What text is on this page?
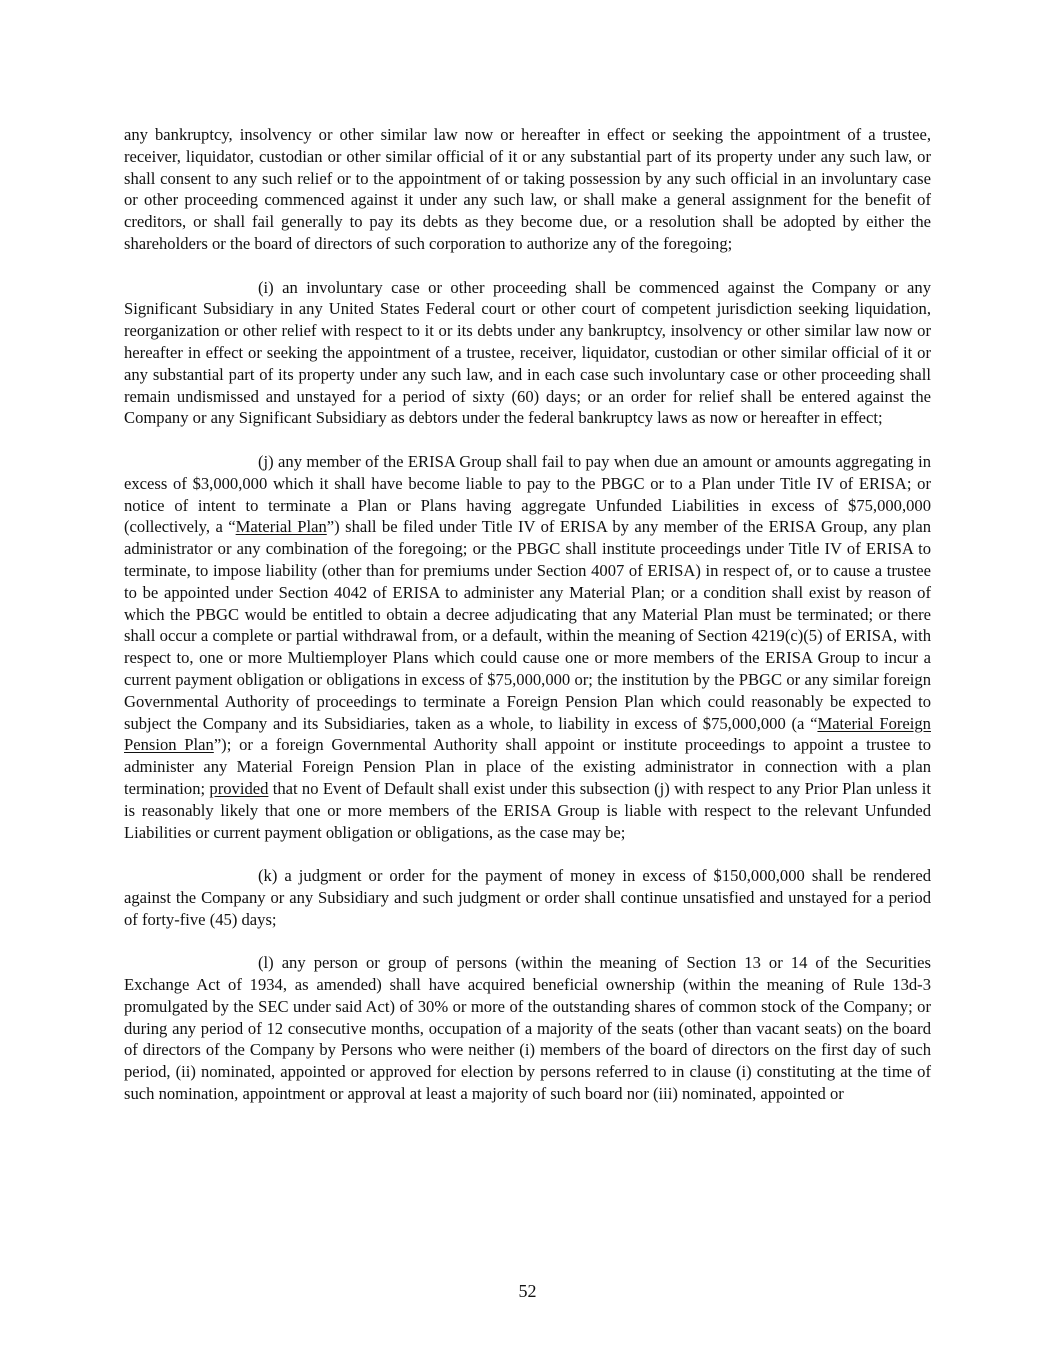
any bankruptcy, insolvency or other similar law now or hereafter in effect or seeking the appointment of a trustee, receiver, liquidator, custodian or other similar official of it or any substantial part of its property under any such law, or shall consent to any such relief or to the appointment of or taking possession by any such official in an involuntary case or other proceeding commenced against it under any such law, or shall make a general assignment for the benefit of creditors, or shall fail generally to pay its debts as they become due, or a resolution shall be adopted by either the shareholders or the board of directors of such corporation to authorize any of the foregoing;

(i) an involuntary case or other proceeding shall be commenced against the Company or any Significant Subsidiary in any United States Federal court or other court of competent jurisdiction seeking liquidation, reorganization or other relief with respect to it or its debts under any bankruptcy, insolvency or other similar law now or hereafter in effect or seeking the appointment of a trustee, receiver, liquidator, custodian or other similar official of it or any substantial part of its property under any such law, and in each case such involuntary case or other proceeding shall remain undismissed and unstayed for a period of sixty (60) days; or an order for relief shall be entered against the Company or any Significant Subsidiary as debtors under the federal bankruptcy laws as now or hereafter in effect;

(j) any member of the ERISA Group shall fail to pay when due an amount or amounts aggregating in excess of $3,000,000 which it shall have become liable to pay to the PBGC or to a Plan under Title IV of ERISA; or notice of intent to terminate a Plan or Plans having aggregate Unfunded Liabilities in excess of $75,000,000 (collectively, a “Material Plan”) shall be filed under Title IV of ERISA by any member of the ERISA Group, any plan administrator or any combination of the foregoing; or the PBGC shall institute proceedings under Title IV of ERISA to terminate, to impose liability (other than for premiums under Section 4007 of ERISA) in respect of, or to cause a trustee to be appointed under Section 4042 of ERISA to administer any Material Plan; or a condition shall exist by reason of which the PBGC would be entitled to obtain a decree adjudicating that any Material Plan must be terminated; or there shall occur a complete or partial withdrawal from, or a default, within the meaning of Section 4219(c)(5) of ERISA, with respect to, one or more Multiemployer Plans which could cause one or more members of the ERISA Group to incur a current payment obligation or obligations in excess of $75,000,000 or; the institution by the PBGC or any similar foreign Governmental Authority of proceedings to terminate a Foreign Pension Plan which could reasonably be expected to subject the Company and its Subsidiaries, taken as a whole, to liability in excess of $75,000,000 (a “Material Foreign Pension Plan”); or a foreign Governmental Authority shall appoint or institute proceedings to appoint a trustee to administer any Material Foreign Pension Plan in place of the existing administrator in connection with a plan termination; provided that no Event of Default shall exist under this subsection (j) with respect to any Prior Plan unless it is reasonably likely that one or more members of the ERISA Group is liable with respect to the relevant Unfunded Liabilities or current payment obligation or obligations, as the case may be;

(k) a judgment or order for the payment of money in excess of $150,000,000 shall be rendered against the Company or any Subsidiary and such judgment or order shall continue unsatisfied and unstayed for a period of forty-five (45) days;

(l) any person or group of persons (within the meaning of Section 13 or 14 of the Securities Exchange Act of 1934, as amended) shall have acquired beneficial ownership (within the meaning of Rule 13d-3 promulgated by the SEC under said Act) of 30% or more of the outstanding shares of common stock of the Company; or during any period of 12 consecutive months, occupation of a majority of the seats (other than vacant seats) on the board of directors of the Company by Persons who were neither (i) members of the board of directors on the first day of such period, (ii) nominated, appointed or approved for election by persons referred to in clause (i) constituting at the time of such nomination, appointment or approval at least a majority of such board nor (iii) nominated, appointed or

52
